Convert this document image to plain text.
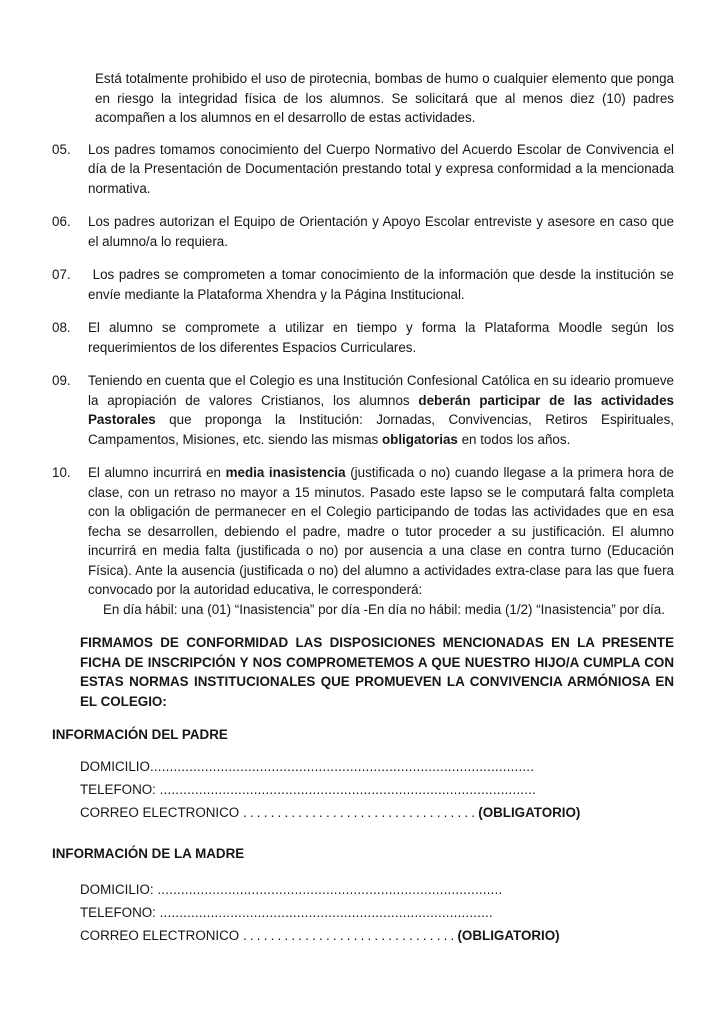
Está totalmente prohibido el uso de pirotecnia, bombas de humo o cualquier elemento que ponga en riesgo la integridad física de los alumnos. Se solicitará que al menos diez (10) padres acompañen a los alumnos en el desarrollo de estas actividades.

05.	Los padres tomamos conocimiento del Cuerpo Normativo del Acuerdo Escolar de Convivencia el día de la Presentación de Documentación prestando total y expresa conformidad a la mencionada normativa.
06.	Los padres autorizan el Equipo de Orientación y Apoyo Escolar entreviste y asesore en caso que el alumno/a lo requiera.
07.	Los padres se comprometen a tomar conocimiento de la información que desde la institución se envíe mediante la Plataforma Xhendra y la Página Institucional.
08.	El alumno se compromete a utilizar en tiempo y forma la Plataforma Moodle según los requerimientos de los diferentes Espacios Curriculares.
09.	Teniendo en cuenta que el Colegio es una Institución Confesional Católica en su ideario promueve la apropiación de valores Cristianos, los alumnos deberán participar de las actividades Pastorales que proponga la Institución: Jornadas, Convivencias, Retiros Espirituales, Campamentos, Misiones, etc. siendo las mismas obligatorias en todos los años.
10.	El alumno incurrirá en media inasistencia (justificada o no) cuando llegase a la primera hora de clase, con un retraso no mayor a 15 minutos. Pasado este lapso se le computará falta completa con la obligación de permanecer en el Colegio participando de todas las actividades que en esa fecha se desarrollen, debiendo el padre, madre o tutor proceder a su justificación. El alumno incurrirá en media falta (justificada o no) por ausencia a una clase en contra turno (Educación Física). Ante la ausencia (justificada o no) del alumno a actividades extra-clase para las que fuera convocado por la autoridad educativa, le corresponderá:
En día hábil: una (01) “Inasistencia” por día -En día no hábil: media (1/2) “Inasistencia” por día.

FIRMAMOS DE CONFORMIDAD LAS DISPOSICIONES MENCIONADAS EN LA PRESENTE FICHA DE INSCRIPCIÓN Y NOS COMPROMETEMOS A QUE NUESTRO HIJO/A CUMPLA CON ESTAS NORMAS INSTITUCIONALES QUE PROMUEVEN LA CONVIVENCIA ARMÓNIOSA EN EL COLEGIO:

INFORMACIÓN DEL PADRE
DOMICILIO..................................................................................................
TELEFONO: ................................................................................................
CORREO ELECTRONICO ..................................(OBLIGATORIO)
INFORMACIÓN DE LA MADRE
DOMICILIO: ........................................................................................
TELEFONO: .....................................................................................
CORREO ELECTRONICO ...............................(OBLIGATORIO)
